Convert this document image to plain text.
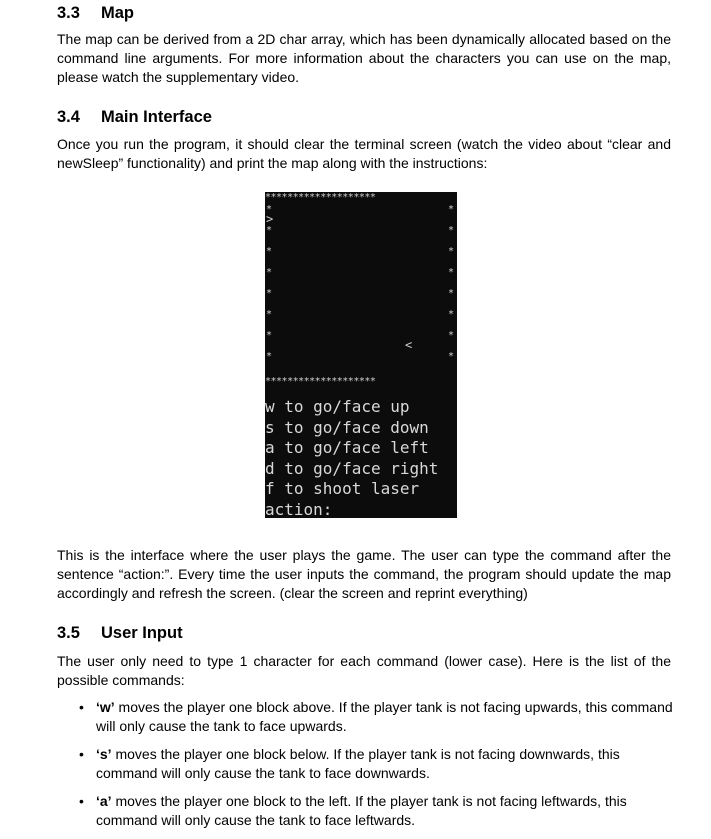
3.3 Map

The map can be derived from a 2D char array, which has been dynamically allocated based on the command line arguments. For more information about the characters you can use on the map, please watch the supplementary video.

3.4 Main Interface

Once you run the program, it should clear the terminal screen (watch the video about “clear and newSleep” functionality) and print the map along with the instructions:

********************
>
<
********************
w to go/face up
s to go/face down
a to go/face left
d to go/face right
f to shoot laser
action:
*
*
*
*
*
*
*
*
*
*
*
*
*
*
*
*

This is the interface where the user plays the game. The user can type the command after the sentence “action:”. Every time the user inputs the command, the program should update the map accordingly and refresh the screen. (clear the screen and reprint everything)

3.5 User Input

The user only need to type 1 character for each command (lower case). Here is the list of the possible commands:

• ‘w’ moves the player one block above. If the player tank is not facing upwards, this command will only cause the tank to face upwards.
• ‘s’ moves the player one block below. If the player tank is not facing downwards, this command will only cause the tank to face downwards.
• ‘a’ moves the player one block to the left. If the player tank is not facing leftwards, this command will only cause the tank to face leftwards.
